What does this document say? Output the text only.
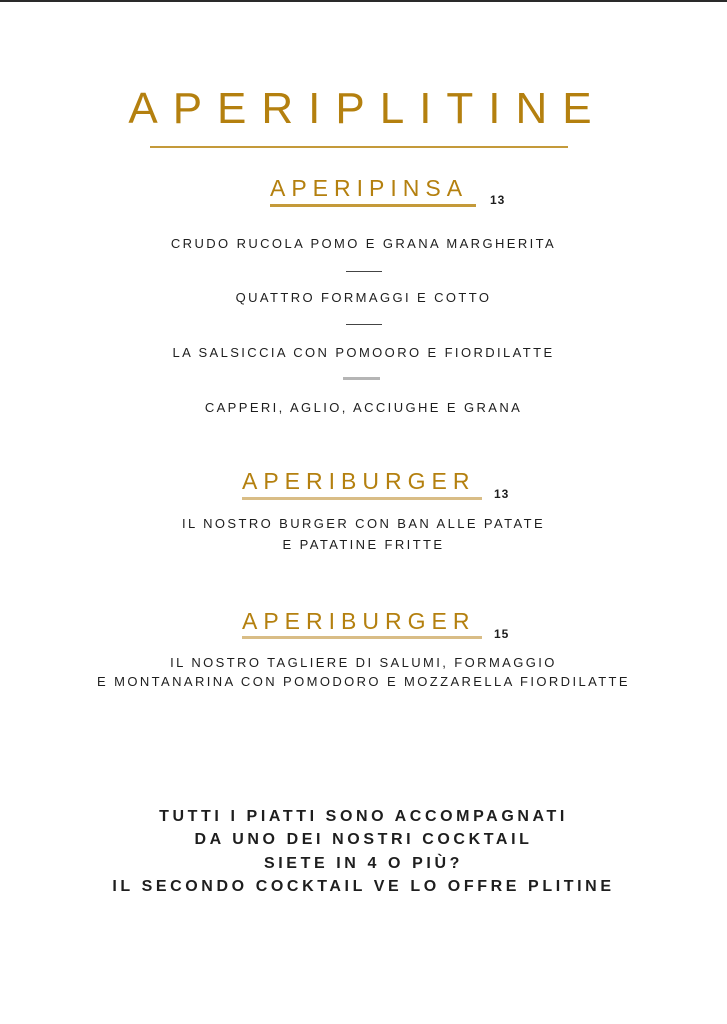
APERIPLITINE
APERIPINSA 13
CRUDO RUCOLA POMO E GRANA MARGHERITA
QUATTRO FORMAGGI E COTTO
LA SALSICCIA CON POMOORO E FIORDILATTE
CAPPERI, AGLIO, ACCIUGHE E GRANA
APERIBURGER 13
IL NOSTRO BURGER CON BAN ALLE PATATE
E PATATINE FRITTE
APERIBURGER 15
IL NOSTRO TAGLIERE DI SALUMI, FORMAGGIO
E MONTANARINA CON POMODORO E MOZZARELLA FIORDILATTE
TUTTI I PIATTI SONO ACCOMPAGNATI
DA UNO DEI NOSTRI COCKTAIL
SIETE IN 4 O PIÙ?
IL SECONDO COCKTAIL VE LO OFFRE PLITINE
